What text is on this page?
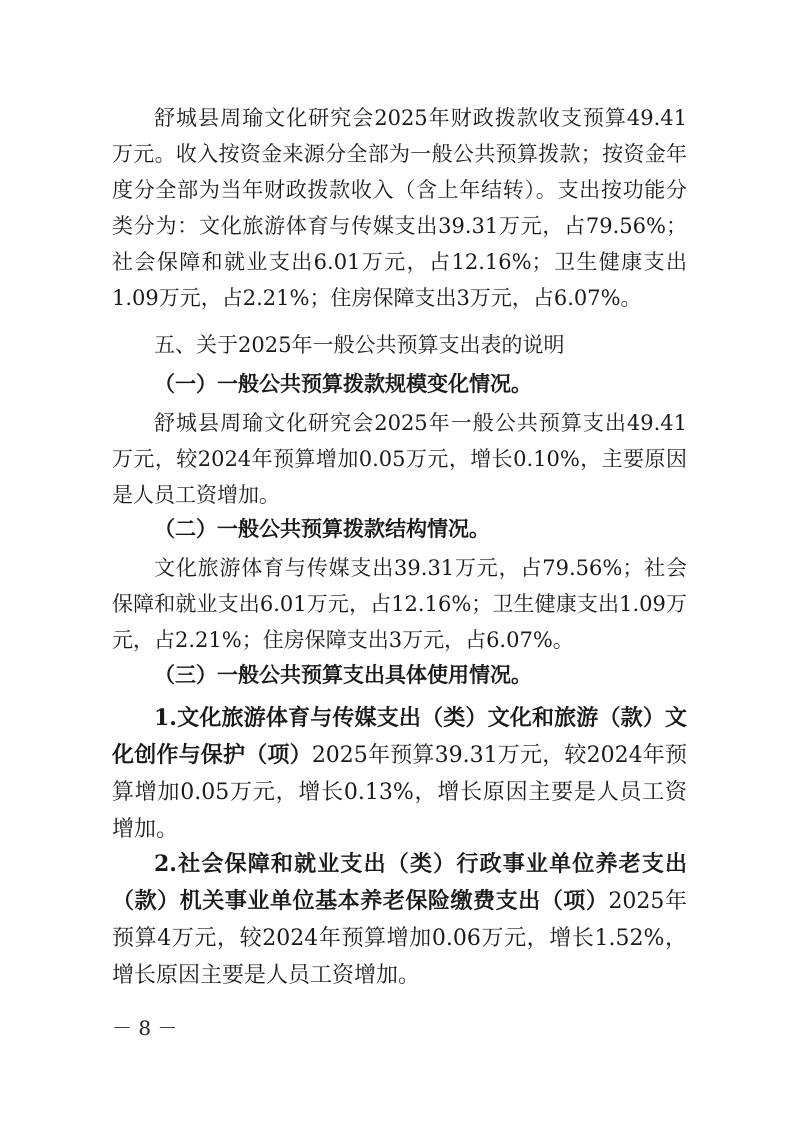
舒城县周瑜文化研究会2025年财政拨款收支预算49.41万元。收入按资金来源分全部为一般公共预算拨款；按资金年度分全部为当年财政拨款收入（含上年结转）。支出按功能分类分为：文化旅游体育与传媒支出39.31万元，占79.56%；社会保障和就业支出6.01万元，占12.16%；卫生健康支出1.09万元，占2.21%；住房保障支出3万元，占6.07%。

五、关于2025年一般公共预算支出表的说明

（一）一般公共预算拨款规模变化情况。

舒城县周瑜文化研究会2025年一般公共预算支出49.41万元，较2024年预算增加0.05万元，增长0.10%，主要原因是人员工资增加。

（二）一般公共预算拨款结构情况。

文化旅游体育与传媒支出39.31万元，占79.56%；社会保障和就业支出6.01万元，占12.16%；卫生健康支出1.09万元，占2.21%；住房保障支出3万元，占6.07%。

（三）一般公共预算支出具体使用情况。

1.文化旅游体育与传媒支出（类）文化和旅游（款）文化创作与保护（项）2025年预算39.31万元，较2024年预算增加0.05万元，增长0.13%，增长原因主要是人员工资增加。

2.社会保障和就业支出（类）行政事业单位养老支出（款）机关事业单位基本养老保险缴费支出（项）2025年预算4万元，较2024年预算增加0.06万元，增长1.52%，增长原因主要是人员工资增加。

－ 8 －
